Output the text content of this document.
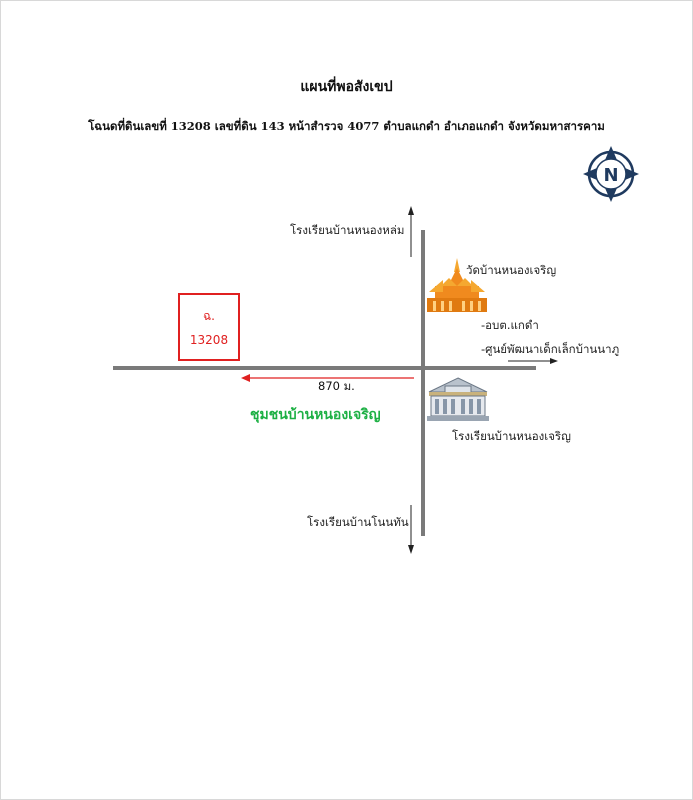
แผนที่พอสังเขป
โฉนดที่ดินเลขที่ 13208 เลขที่ดิน 143 หน้าสำรวจ 4077 ตำบลแกดำ อำเภอแกดำ จังหวัดมหาสารคาม
N
ฉ.
13208
870 ม.
ชุมชนบ้านหนองเจริญ
โรงเรียนบ้านหนองหล่ม
วัดบ้านหนองเจริญ
-อบต.แกดำ
-ศูนย์พัฒนาเด็กเล็กบ้านนาภู
โรงเรียนบ้านหนองเจริญ
โรงเรียนบ้านโนนทัน
